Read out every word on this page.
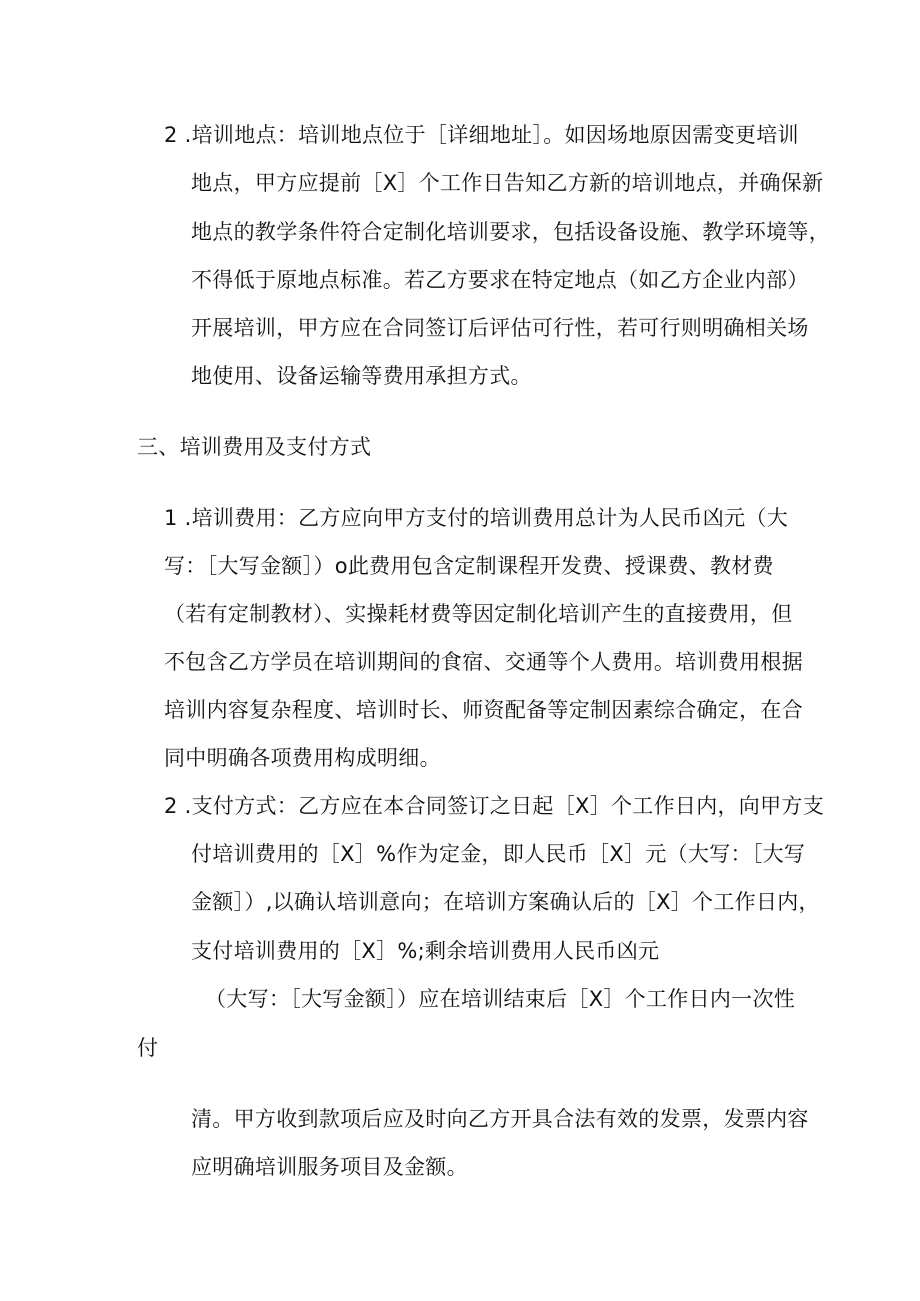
2 .培训地点：培训地点位于［详细地址］。如因场地原因需变更培训
地点，甲方应提前［X］个工作日告知乙方新的培训地点，并确保新
地点的教学条件符合定制化培训要求，包括设备设施、教学环境等，
不得低于原地点标准。若乙方要求在特定地点（如乙方企业内部）
开展培训，甲方应在合同签订后评估可行性，若可行则明确相关场
地使用、设备运输等费用承担方式。
三、培训费用及支付方式
1 .培训费用：乙方应向甲方支付的培训费用总计为人民币凶元（大
写：［大写金额］）o此费用包含定制课程开发费、授课费、教材费
（若有定制教材）、实操耗材费等因定制化培训产生的直接费用，但
不包含乙方学员在培训期间的食宿、交通等个人费用。培训费用根据
培训内容复杂程度、培训时长、师资配备等定制因素综合确定，在合
同中明确各项费用构成明细。
2 .支付方式：乙方应在本合同签订之日起［X］个工作日内，向甲方支
付培训费用的［X］%作为定金，即人民币［X］元（大写：［大写
金额］）,以确认培训意向；在培训方案确认后的［X］个工作日内，
支付培训费用的［X］%;剩余培训费用人民币凶元
（大写：［大写金额］）应在培训结束后［X］个工作日内一次性
付
清。甲方收到款项后应及时向乙方开具合法有效的发票，发票内容
应明确培训服务项目及金额。
